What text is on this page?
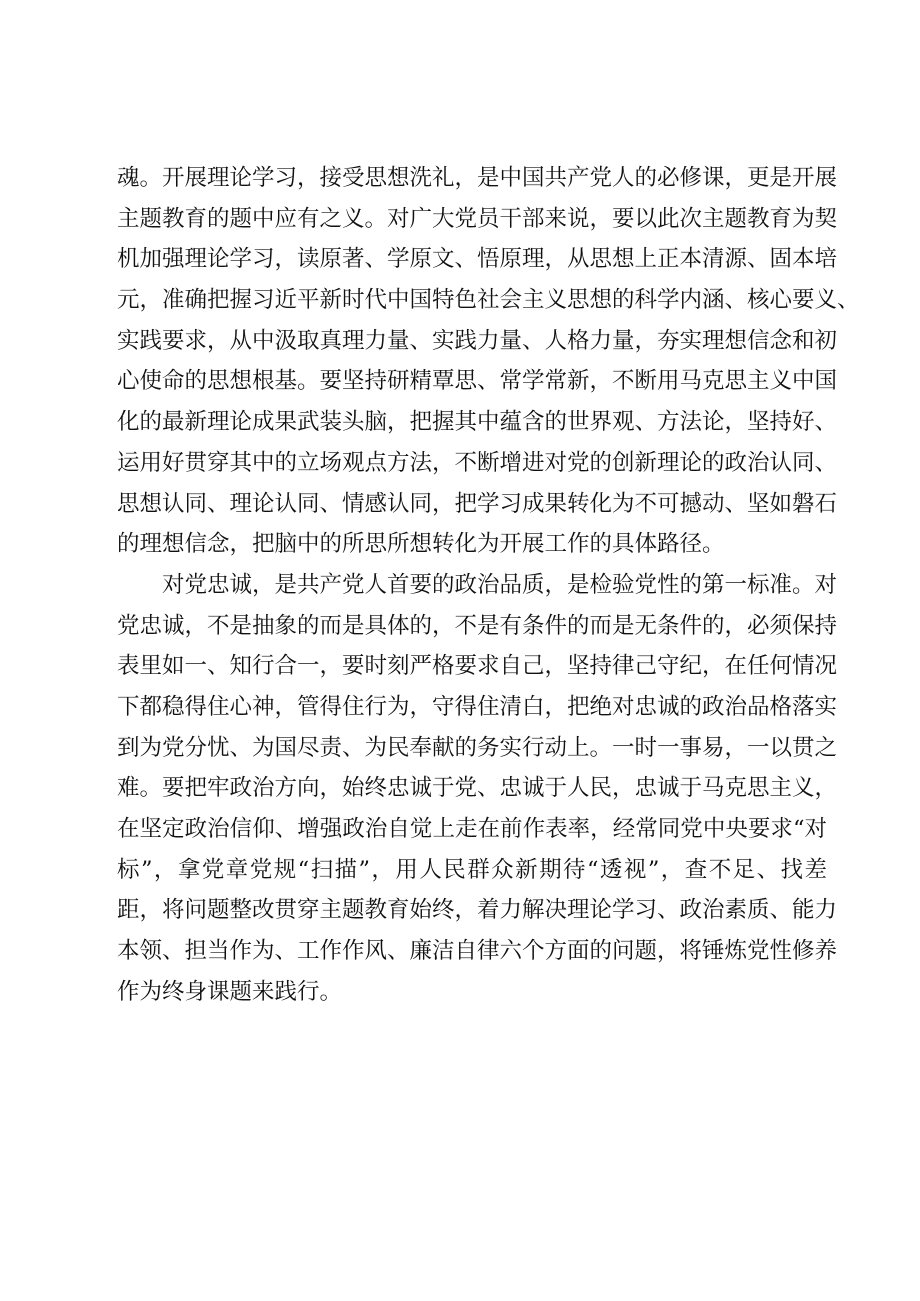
魂。开展理论学习，接受思想洗礼，是中国共产党人的必修课，更是开展
主题教育的题中应有之义。对广大党员干部来说，要以此次主题教育为契
机加强理论学习，读原著、学原文、悟原理，从思想上正本清源、固本培
元，准确把握习近平新时代中国特色社会主义思想的科学内涵、核心要义、
实践要求，从中汲取真理力量、实践力量、人格力量，夯实理想信念和初
心使命的思想根基。要坚持研精覃思、常学常新，不断用马克思主义中国
化的最新理论成果武装头脑，把握其中蕴含的世界观、方法论，坚持好、
运用好贯穿其中的立场观点方法，不断增进对党的创新理论的政治认同、
思想认同、理论认同、情感认同，把学习成果转化为不可撼动、坚如磐石
的理想信念，把脑中的所思所想转化为开展工作的具体路径。
对党忠诚，是共产党人首要的政治品质，是检验党性的第一标准。对
党忠诚，不是抽象的而是具体的，不是有条件的而是无条件的，必须保持
表里如一、知行合一，要时刻严格要求自己，坚持律己守纪，在任何情况
下都稳得住心神，管得住行为，守得住清白，把绝对忠诚的政治品格落实
到为党分忧、为国尽责、为民奉献的务实行动上。一时一事易，一以贯之
难。要把牢政治方向，始终忠诚于党、忠诚于人民，忠诚于马克思主义，
在坚定政治信仰、增强政治自觉上走在前作表率，经常同党中央要求“对
标”，拿党章党规“扫描”，用人民群众新期待“透视”，查不足、找差
距，将问题整改贯穿主题教育始终，着力解决理论学习、政治素质、能力
本领、担当作为、工作作风、廉洁自律六个方面的问题，将锤炼党性修养
作为终身课题来践行。
